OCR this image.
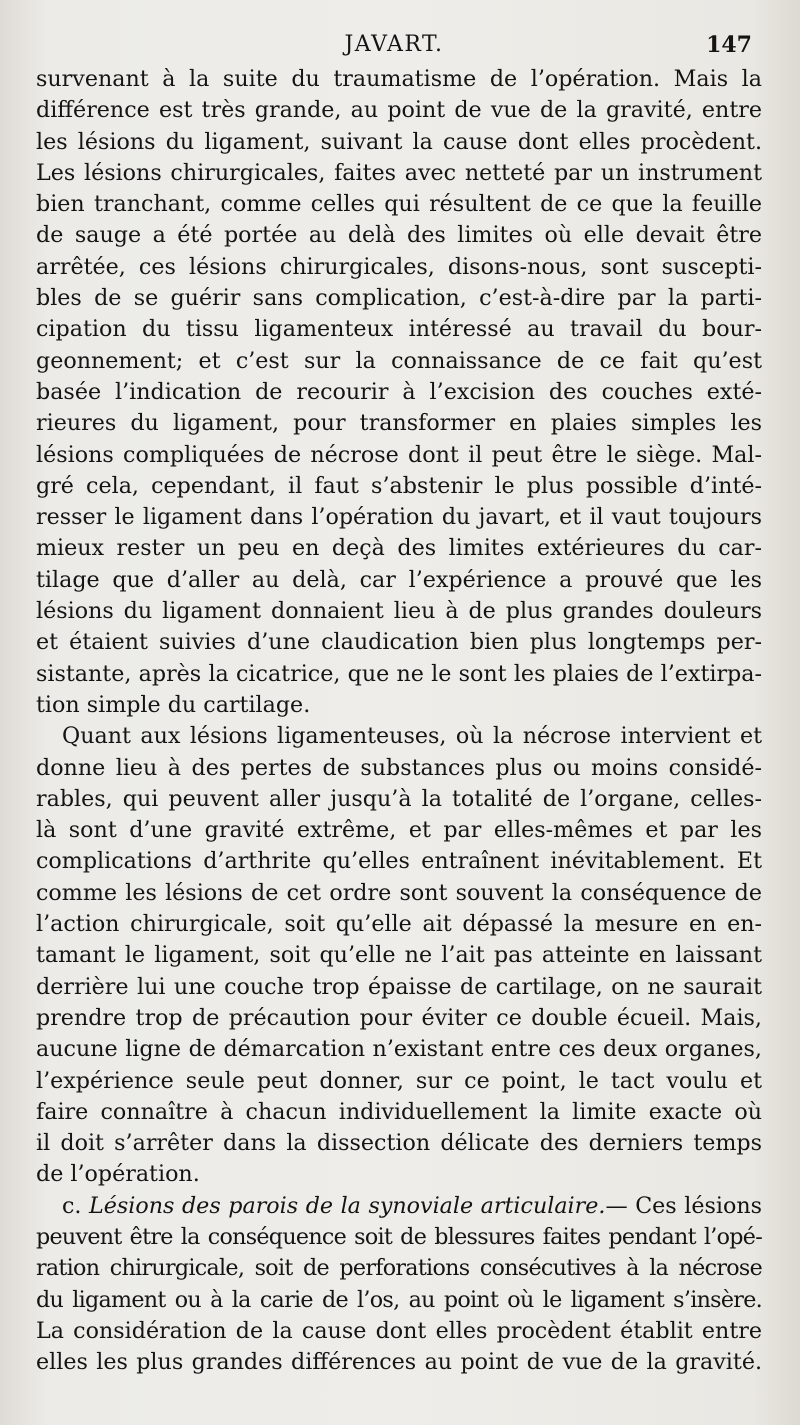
JAVART.	147
survenant à la suite du traumatisme de l’opération. Mais la
différence est très grande, au point de vue de la gravité, entre
les lésions du ligament, suivant la cause dont elles procèdent.
Les lésions chirurgicales, faites avec netteté par un instrument
bien tranchant, comme celles qui résultent de ce que la feuille
de sauge a été portée au delà des limites où elle devait être
arrêtée, ces lésions chirurgicales, disons-nous, sont suscepti-
bles de se guérir sans complication, c’est-à-dire par la parti-
cipation du tissu ligamenteux intéressé au travail du bour-
geonnement; et c’est sur la connaissance de ce fait qu’est
basée l’indication de recourir à l’excision des couches exté-
rieures du ligament, pour transformer en plaies simples les
lésions compliquées de nécrose dont il peut être le siège. Mal-
gré cela, cependant, il faut s’abstenir le plus possible d’inté-
resser le ligament dans l’opération du javart, et il vaut toujours
mieux rester un peu en deçà des limites extérieures du car-
tilage que d’aller au delà, car l’expérience a prouvé que les
lésions du ligament donnaient lieu à de plus grandes douleurs
et étaient suivies d’une claudication bien plus longtemps per-
sistante, après la cicatrice, que ne le sont les plaies de l’extirpa-
tion simple du cartilage.
Quant aux lésions ligamenteuses, où la nécrose intervient et
donne lieu à des pertes de substances plus ou moins considé-
rables, qui peuvent aller jusqu’à la totalité de l’organe, celles-
là sont d’une gravité extrême, et par elles-mêmes et par les
complications d’arthrite qu’elles entraînent inévitablement. Et
comme les lésions de cet ordre sont souvent la conséquence de
l’action chirurgicale, soit qu’elle ait dépassé la mesure en en-
tamant le ligament, soit qu’elle ne l’ait pas atteinte en laissant
derrière lui une couche trop épaisse de cartilage, on ne saurait
prendre trop de précaution pour éviter ce double écueil. Mais,
aucune ligne de démarcation n’existant entre ces deux organes,
l’expérience seule peut donner, sur ce point, le tact voulu et
faire connaître à chacun individuellement la limite exacte où
il doit s’arrêter dans la dissection délicate des derniers temps
de l’opération.
c. Lésions des parois de la synoviale articulaire.— Ces lésions
peuvent être la conséquence soit de blessures faites pendant l’opé-
ration chirurgicale, soit de perforations consécutives à la nécrose
du ligament ou à la carie de l’os, au point où le ligament s’insère.
La considération de la cause dont elles procèdent établit entre
elles les plus grandes différences au point de vue de la gravité.
